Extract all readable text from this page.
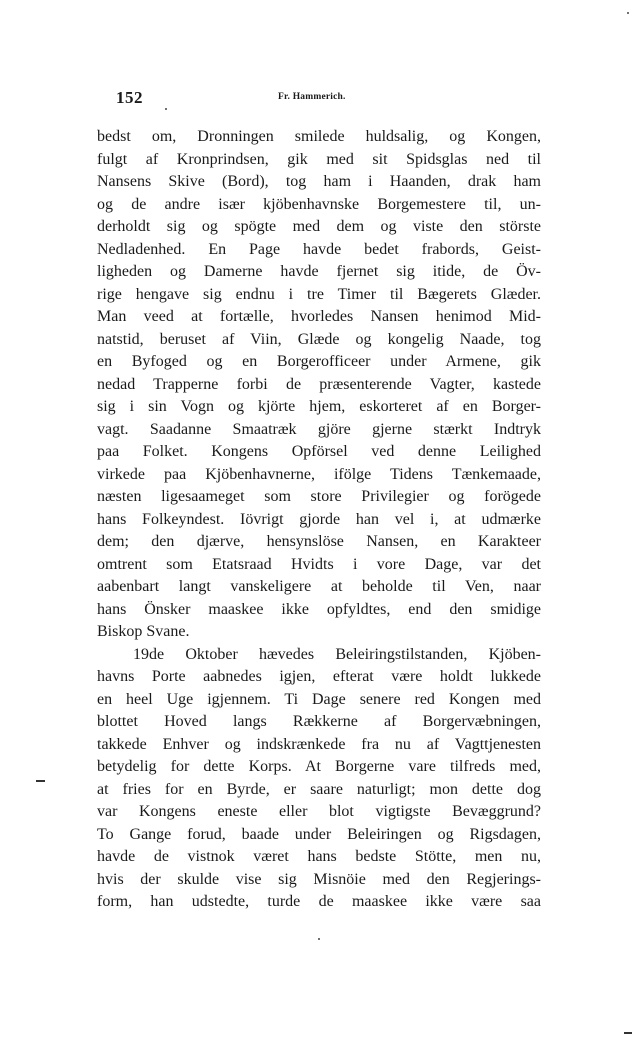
152	Fr. Hammerich.
bedst om, Dronningen smilede huldsalig, og Kongen,
fulgt af Kronprindsen, gik med sit Spidsglas ned til
Nansens Skive (Bord), tog ham i Haanden, drak ham
og de andre især kjöbenhavnske Borgemestere til, un-
derholdt sig og spögte med dem og viste den störste
Nedladenhed. En Page havde bedet frabords, Geist-
ligheden og Damerne havde fjernet sig itide, de Öv-
rige hengave sig endnu i tre Timer til Bægerets Glæder.
Man veed at fortælle, hvorledes Nansen henimod Mid-
natstid, beruset af Viin, Glæde og kongelig Naade, tog
en Byfoged og en Borgerofficeer under Armene, gik
nedad Trapperne forbi de præsenterende Vagter, kastede
sig i sin Vogn og kjörte hjem, eskorteret af en Borger-
vagt. Saadanne Smaatræk gjöre gjerne stærkt Indtryk
paa Folket. Kongens Opförsel ved denne Leilighed
virkede paa Kjöbenhavnerne, ifölge Tidens Tænkemaade,
næsten ligesaameget som store Privilegier og forögede
hans Folkeyndest. Iövrigt gjorde han vel i, at udmærke
dem; den djærve, hensynslöse Nansen, en Karakteer
omtrent som Etatsraad Hvidts i vore Dage, var det
aabenbart langt vanskeligere at beholde til Ven, naar
hans Önsker maaskee ikke opfyldtes, end den smidige
Biskop Svane.
19de Oktober hævedes Beleiringstilstanden, Kjöben-
havns Porte aabnedes igjen, efterat være holdt lukkede
en heel Uge igjennem. Ti Dage senere red Kongen med
blottet Hoved langs Rækkerne af Borgervæbningen,
takkede Enhver og indskrænkede fra nu af Vagttjenesten
betydelig for dette Korps. At Borgerne vare tilfreds med,
at fries for en Byrde, er saare naturligt; mon dette dog
var Kongens eneste eller blot vigtigste Bevæggrund?
To Gange forud, baade under Beleiringen og Rigsdagen,
havde de vistnok været hans bedste Stötte, men nu,
hvis der skulde vise sig Misnöie med den Regjerings-
form, han udstedte, turde de maaskee ikke være saa
